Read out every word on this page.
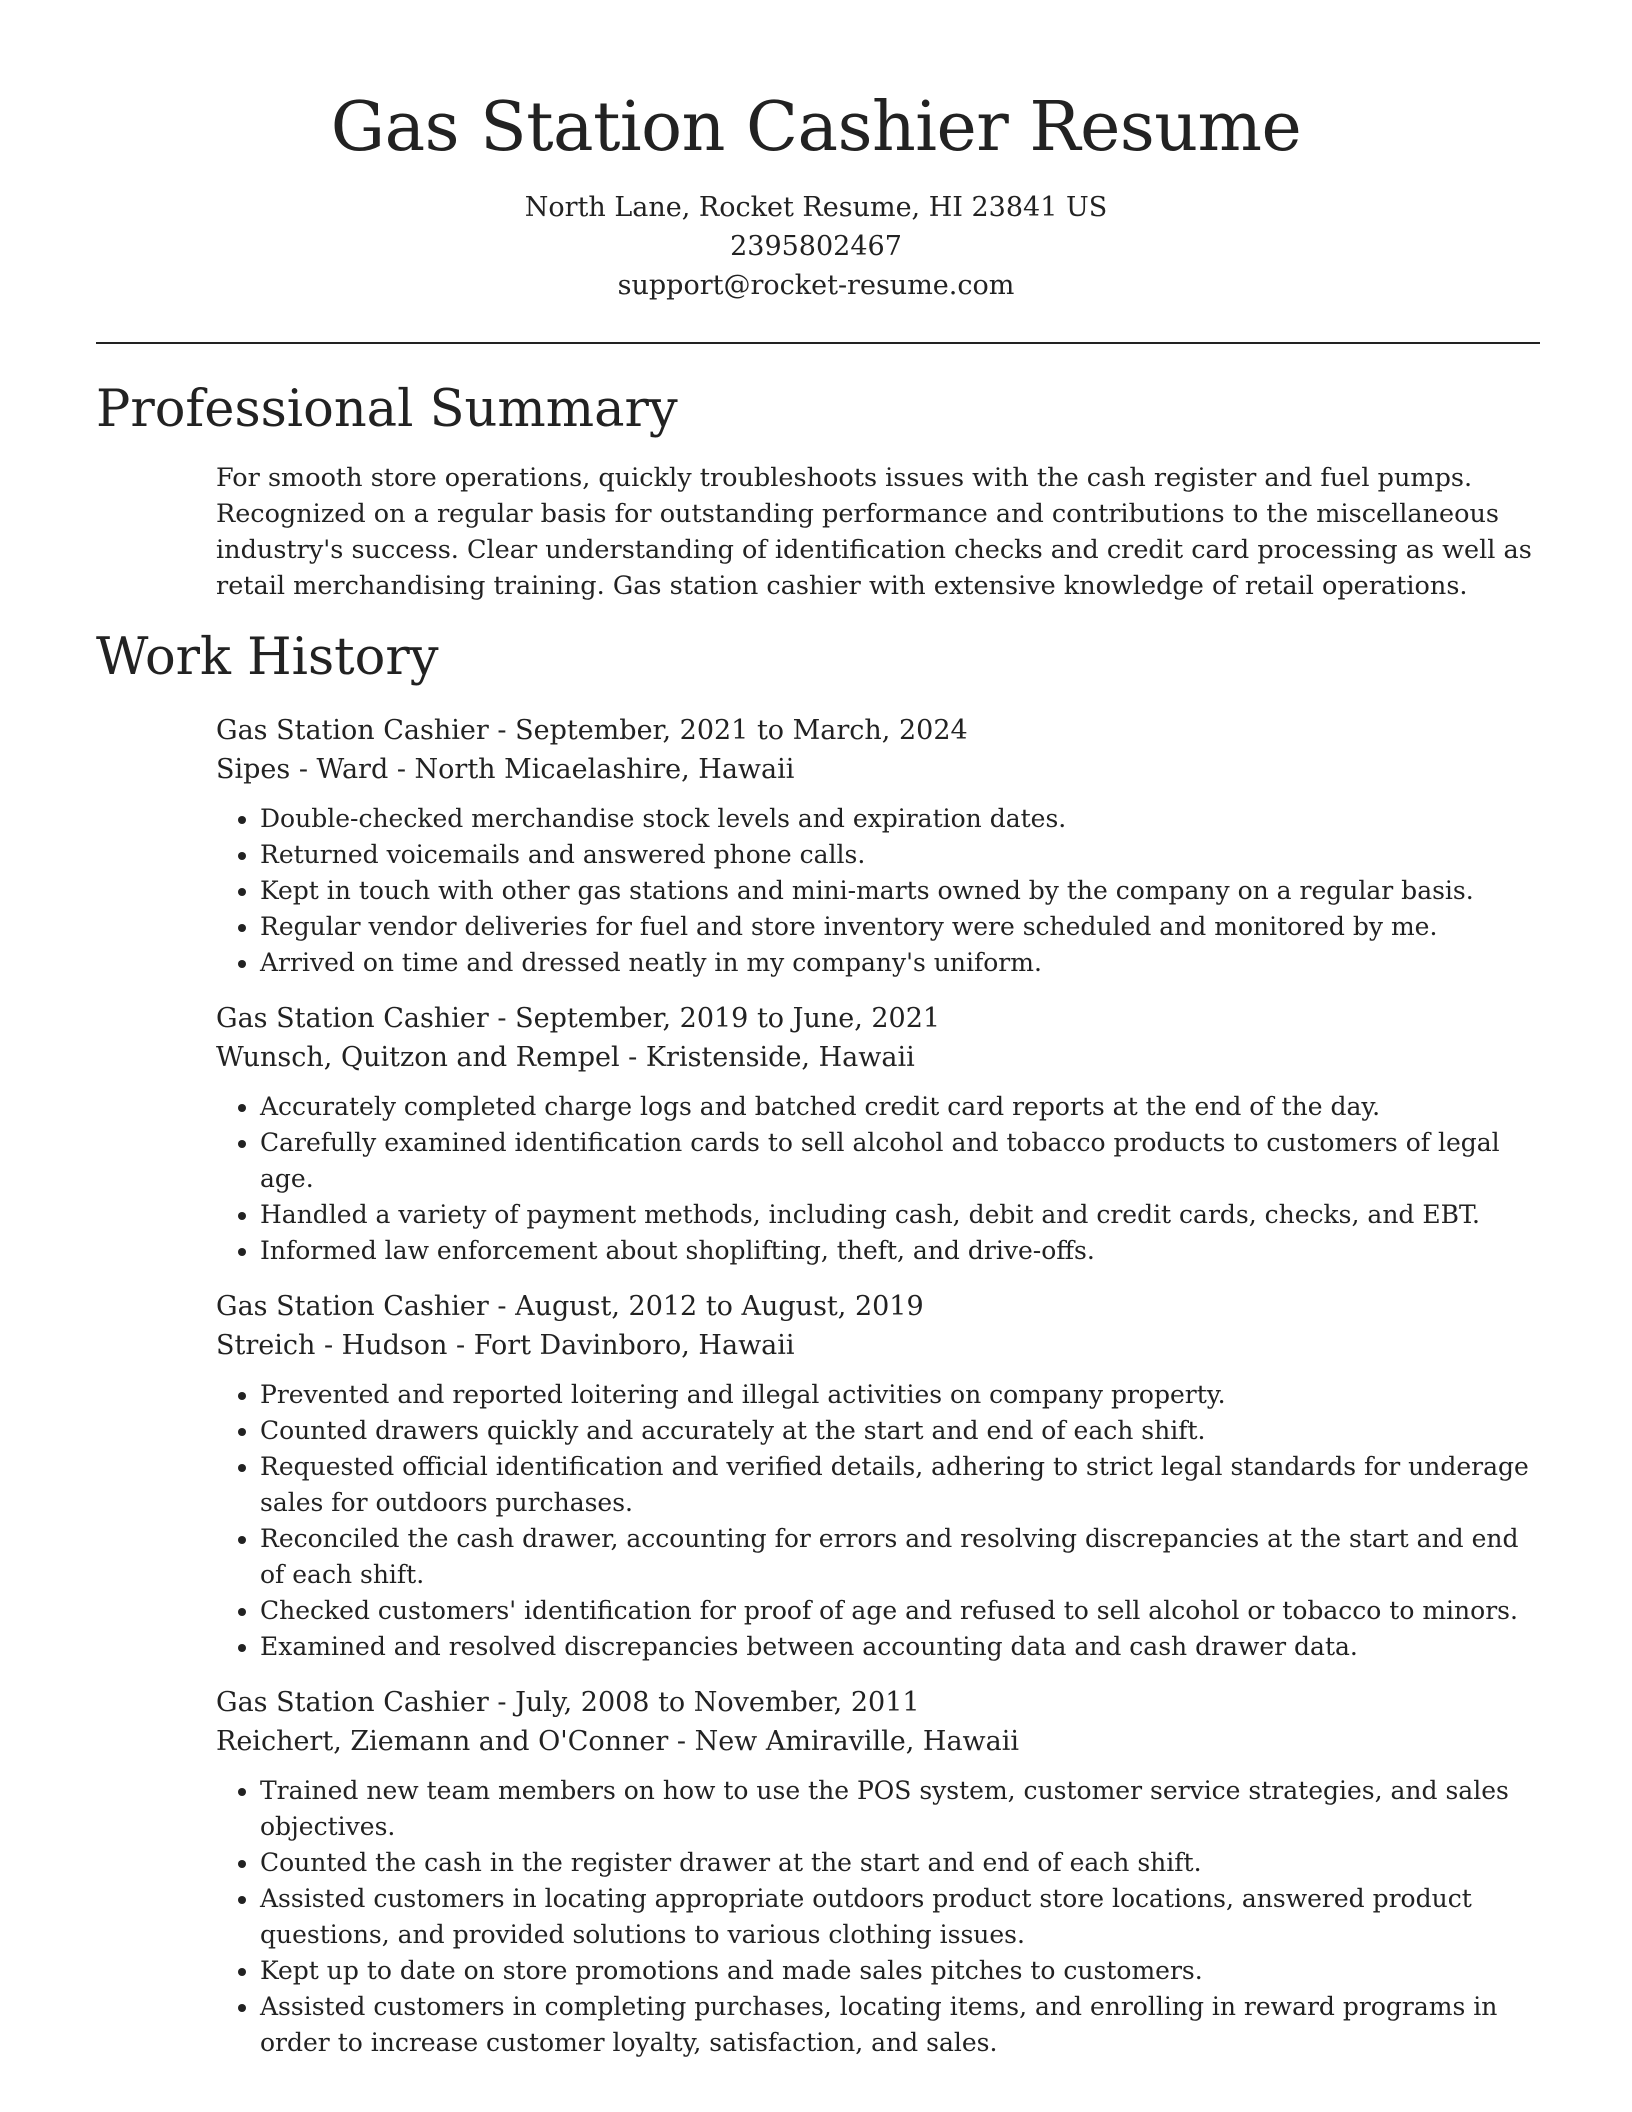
Gas Station Cashier Resume
North Lane, Rocket Resume, HI 23841 US
2395802467
support@rocket-resume.com
Professional Summary

For smooth store operations, quickly troubleshoots issues with the cash register and fuel pumps. Recognized on a regular basis for outstanding performance and contributions to the miscellaneous industry's success. Clear understanding of identification checks and credit card processing as well as retail merchandising training. Gas station cashier with extensive knowledge of retail operations.

Work History

Gas Station Cashier - September, 2021 to March, 2024

Sipes - Ward - North Micaelashire, Hawaii

• Double-checked merchandise stock levels and expiration dates.
• Returned voicemails and answered phone calls.
• Kept in touch with other gas stations and mini-marts owned by the company on a regular basis.
• Regular vendor deliveries for fuel and store inventory were scheduled and monitored by me.
• Arrived on time and dressed neatly in my company's uniform.

Gas Station Cashier - September, 2019 to June, 2021

Wunsch, Quitzon and Rempel - Kristenside, Hawaii

• Accurately completed charge logs and batched credit card reports at the end of the day.
• Carefully examined identification cards to sell alcohol and tobacco products to customers of legal age.
• Handled a variety of payment methods, including cash, debit and credit cards, checks, and EBT.
• Informed law enforcement about shoplifting, theft, and drive-offs.

Gas Station Cashier - August, 2012 to August, 2019

Streich - Hudson - Fort Davinboro, Hawaii

• Prevented and reported loitering and illegal activities on company property.
• Counted drawers quickly and accurately at the start and end of each shift.
• Requested official identification and verified details, adhering to strict legal standards for underage sales for outdoors purchases.
• Reconciled the cash drawer, accounting for errors and resolving discrepancies at the start and end of each shift.
• Checked customers' identification for proof of age and refused to sell alcohol or tobacco to minors.
• Examined and resolved discrepancies between accounting data and cash drawer data.

Gas Station Cashier - July, 2008 to November, 2011

Reichert, Ziemann and O'Conner - New Amiraville, Hawaii

• Trained new team members on how to use the POS system, customer service strategies, and sales objectives.
• Counted the cash in the register drawer at the start and end of each shift.
• Assisted customers in locating appropriate outdoors product store locations, answered product questions, and provided solutions to various clothing issues.
• Kept up to date on store promotions and made sales pitches to customers.
• Assisted customers in completing purchases, locating items, and enrolling in reward programs in order to increase customer loyalty, satisfaction, and sales.
